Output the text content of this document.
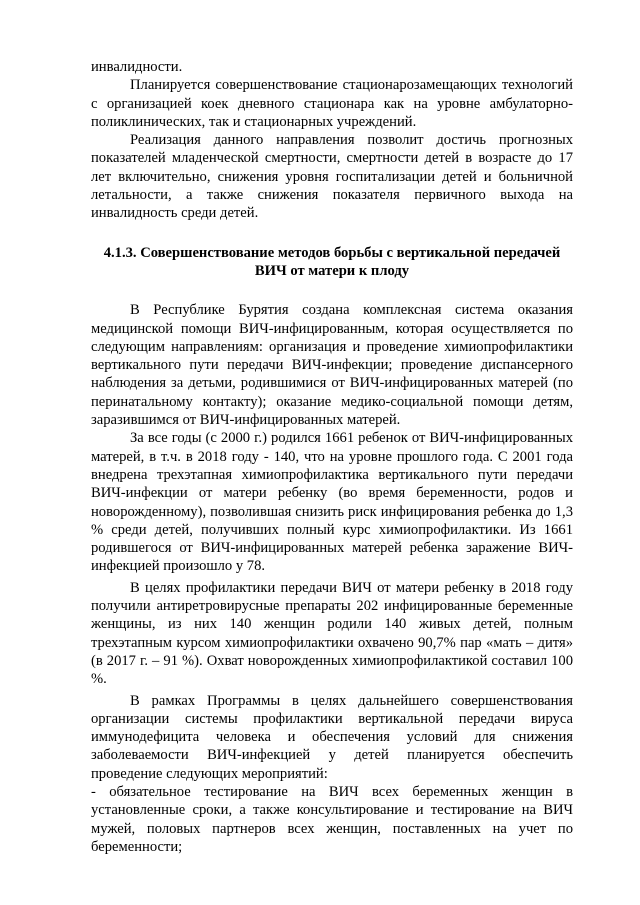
инвалидности.

Планируется совершенствование стационарозамещающих технологий с организацией коек дневного стационара как на уровне амбулаторно-поликлинических, так и стационарных учреждений.

Реализация данного направления позволит достичь прогнозных показателей младенческой смертности, смертности детей в возрасте до 17 лет включительно, снижения уровня госпитализации детей и больничной летальности, а также снижения показателя первичного выхода на инвалидность среди детей.

4.1.3. Совершенствование методов борьбы с вертикальной передачей ВИЧ от матери к плоду

В Республике Бурятия создана комплексная система оказания медицинской помощи ВИЧ-инфицированным, которая осуществляется по следующим направлениям: организация и проведение химиопрофилактики вертикального пути передачи ВИЧ-инфекции; проведение диспансерного наблюдения за детьми, родившимися от ВИЧ-инфицированных матерей (по перинатальному контакту); оказание медико-социальной помощи детям, заразившимся от ВИЧ-инфицированных матерей.

За все годы (с 2000 г.) родился 1661 ребенок от ВИЧ-инфицированных матерей, в т.ч. в 2018 году - 140, что на уровне прошлого года. С 2001 года внедрена трехэтапная химиопрофилактика вертикального пути передачи ВИЧ-инфекции от матери ребенку (во время беременности, родов и новорожденному), позволившая снизить риск инфицирования ребенка до 1,3 % среди детей, получивших полный курс химиопрофилактики. Из 1661 родившегося от ВИЧ-инфицированных матерей ребенка заражение ВИЧ-инфекцией произошло у 78.

В целях профилактики передачи ВИЧ от матери ребенку в 2018 году получили антиретровирусные препараты 202 инфицированные беременные женщины, из них 140 женщин родили 140 живых детей, полным трехэтапным курсом химиопрофилактики охвачено 90,7% пар «мать – дитя» (в 2017 г. – 91 %). Охват новорожденных химиопрофилактикой составил 100 %.

В рамках Программы в целях дальнейшего совершенствования организации системы профилактики вертикальной передачи вируса иммунодефицита человека и обеспечения условий для снижения заболеваемости ВИЧ-инфекцией у детей планируется обеспечить проведение следующих мероприятий:

- обязательное тестирование на ВИЧ всех беременных женщин в установленные сроки, а также консультирование и тестирование на ВИЧ мужей, половых партнеров всех женщин, поставленных на учет по беременности;
